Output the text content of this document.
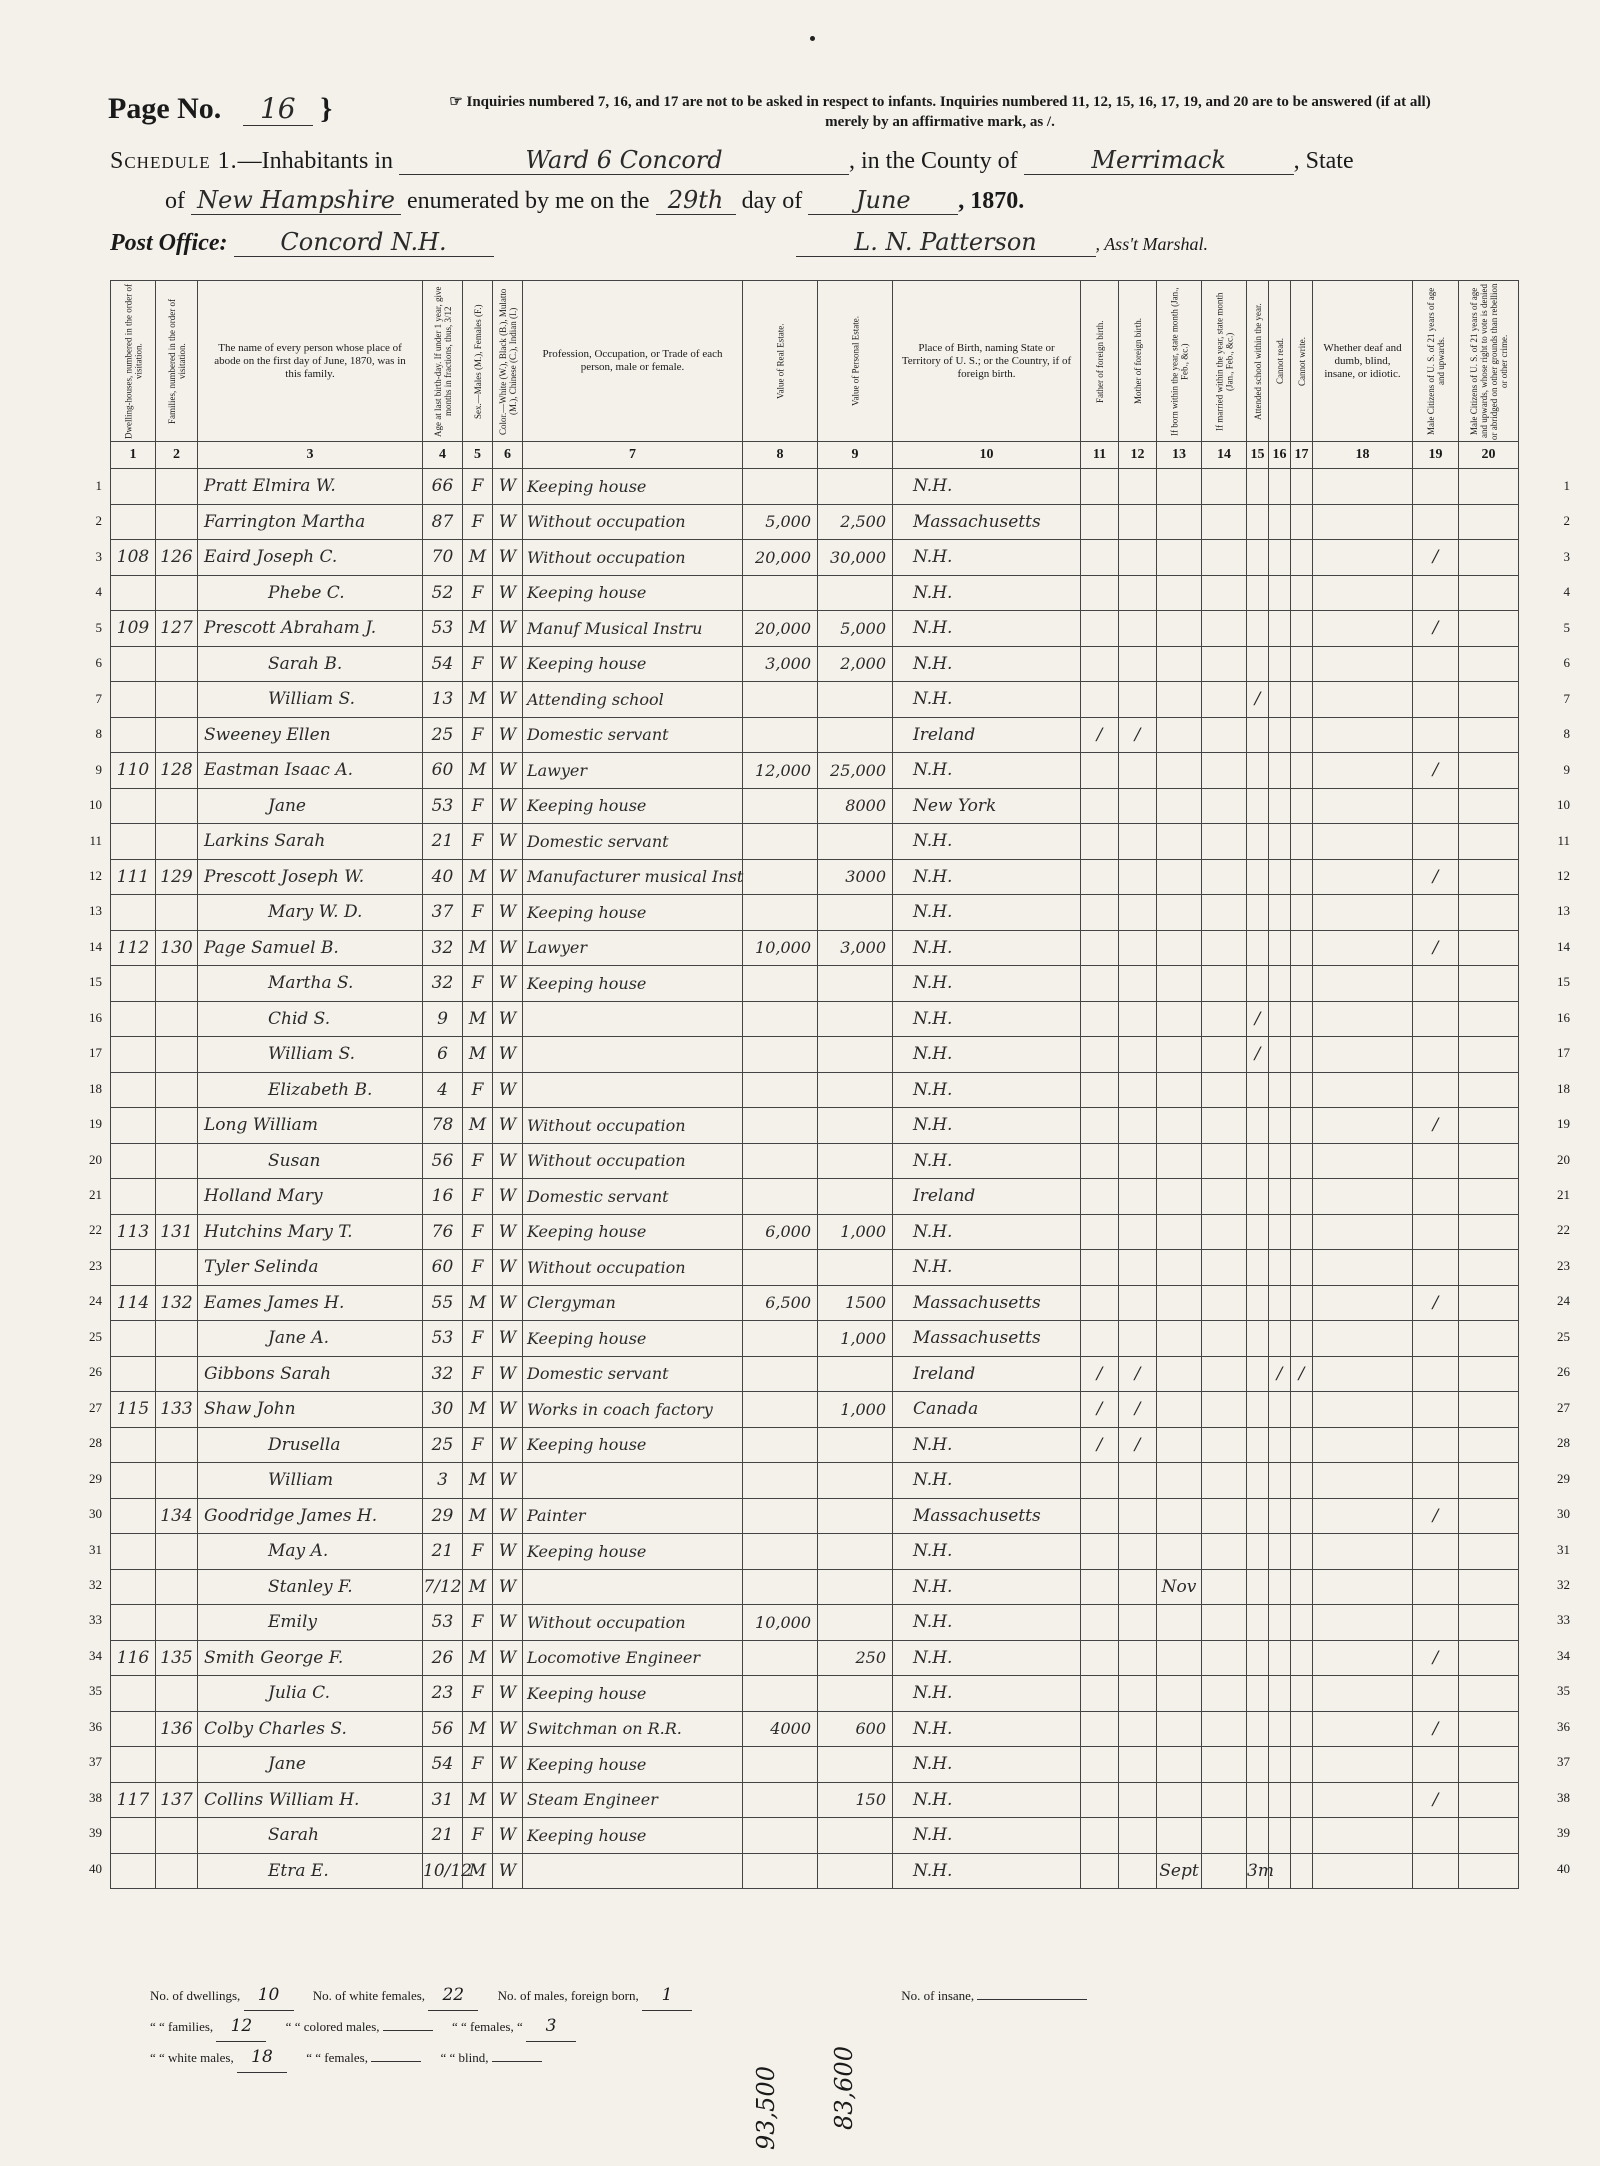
Page No. 16 }	☞ Inquiries numbered 7, 16, and 17 are not to be asked in respect to infants. Inquiries numbered 11, 12, 15, 16, 17, 19, and 20 are to be answered (if at all)
merely by an affirmative mark, as /.
Schedule 1.—Inhabitants in	Ward 6 Concord	, in the County of	Merrimack	, State
of New Hampshire enumerated by me on the 29th day of June , 1870.
Post Office: Concord N.H.	L. N. Patterson	, Ass't Marshal.
Dwelling-houses, numbered in the order of visitation.	Families, numbered in the order of visitation.	The name of every person whose place of abode on the first day of June, 1870, was in this family.	Age at last birth-day. If under 1 year, give months in fractions, thus, 3/12	Sex.—Males (M.), Females (F.)	Color.—White (W.), Black (B.), Mulatto (M.), Chinese (C.), Indian (I.)	Profession, Occupation, or Trade of each person, male or female.	Value of Real Estate.	Value of Personal Estate.	Place of Birth, naming State or Territory of U. S.; or the Country, if of foreign birth.	Father of foreign birth.	Mother of foreign birth.	If born within the year, state month (Jan., Feb., &c.)	If married within the year, state month (Jan., Feb., &c.)	Attended school within the year.	Cannot read.	Cannot write.	Whether deaf and dumb, blind, insane, or idiotic.	Male Citizens of U. S. of 21 years of age and upwards.	Male Citizens of U. S. of 21 years of age and upwards, whose right to vote is denied or abridged on other grounds than rebellion or other crime.
1	2	3	4	5	6	7	8	9	10	11	12	13	14	15	16	17	18	19	20
		Pratt Elmira W.	66	F	W	Keeping house			N.H.										
		Farrington Martha	87	F	W	Without occupation	5,000	2,500	Massachusetts										
108	126	Eaird Joseph C.	70	M	W	Without occupation	20,000	30,000	N.H.									/	
		Phebe C.	52	F	W	Keeping house			N.H.										
109	127	Prescott Abraham J.	53	M	W	Manuf Musical Instru	20,000	5,000	N.H.									/	
		Sarah B.	54	F	W	Keeping house	3,000	2,000	N.H.										
		William S.	13	M	W	Attending school			N.H.					/					
		Sweeney Ellen	25	F	W	Domestic servant			Ireland	/	/								
110	128	Eastman Isaac A.	60	M	W	Lawyer	12,000	25,000	N.H.									/	
		Jane	53	F	W	Keeping house		8000	New York										
		Larkins Sarah	21	F	W	Domestic servant			N.H.										
111	129	Prescott Joseph W.	40	M	W	Manufacturer musical Inst		3000	N.H.									/	
		Mary W. D.	37	F	W	Keeping house			N.H.										
112	130	Page Samuel B.	32	M	W	Lawyer	10,000	3,000	N.H.									/	
		Martha S.	32	F	W	Keeping house			N.H.										
		Chid S.	9	M	W				N.H.					/					
		William S.	6	M	W				N.H.					/					
		Elizabeth B.	4	F	W				N.H.										
		Long William	78	M	W	Without occupation			N.H.									/	
		Susan	56	F	W	Without occupation			N.H.										
		Holland Mary	16	F	W	Domestic servant			Ireland										
113	131	Hutchins Mary T.	76	F	W	Keeping house	6,000	1,000	N.H.										
		Tyler Selinda	60	F	W	Without occupation			N.H.										
114	132	Eames James H.	55	M	W	Clergyman	6,500	1500	Massachusetts									/	
		Jane A.	53	F	W	Keeping house		1,000	Massachusetts										
		Gibbons Sarah	32	F	W	Domestic servant			Ireland	/	/				/	/			
115	133	Shaw John	30	M	W	Works in coach factory		1,000	Canada	/	/								
		Drusella	25	F	W	Keeping house			N.H.	/	/								
		William	3	M	W				N.H.										
	134	Goodridge James H.	29	M	W	Painter			Massachusetts									/	
		May A.	21	F	W	Keeping house			N.H.										
		Stanley F.	7/12	M	W				N.H.			Nov							
		Emily	53	F	W	Without occupation	10,000		N.H.										
116	135	Smith George F.	26	M	W	Locomotive Engineer		250	N.H.									/	
		Julia C.	23	F	W	Keeping house			N.H.										
	136	Colby Charles S.	56	M	W	Switchman on R.R.	4000	600	N.H.									/	
		Jane	54	F	W	Keeping house			N.H.										
117	137	Collins William H.	31	M	W	Steam Engineer		150	N.H.									/	
		Sarah	21	F	W	Keeping house			N.H.										
		Etra E.	10/12	M	W				N.H.			Sept		3m					
1
2
3
4
5
6
7
8
9
10
11
12
13
14
15
16
17
18
19
20
21
22
23
24
25
26
27
28
29
30
31
32
33
34
35
36
37
38
39
40
1
2
3
4
5
6
7
8
9
10
11
12
13
14
15
16
17
18
19
20
21
22
23
24
25
26
27
28
29
30
31
32
33
34
35
36
37
38
39
40
93,500 83,600
No. of dwellings, 10	No. of white females, 22	No. of males, foreign born, 1	No. of insane,
“ “ families, 12	“ “ colored males,	“ “ females, “ 3
“ “ white males, 18	“ “ females,	“ “ blind,
